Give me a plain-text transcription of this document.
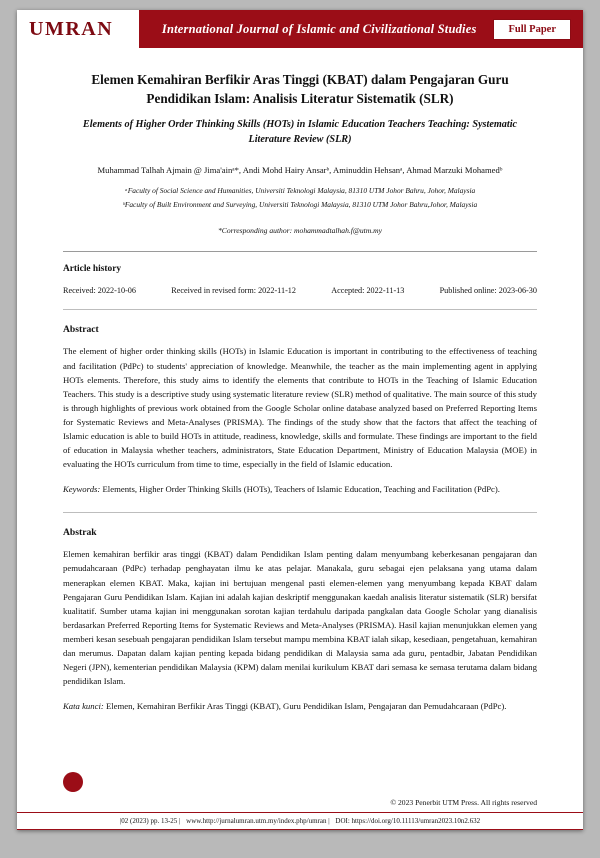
UMRAN	International Journal of Islamic and Civilizational Studies	Full Paper
Elemen Kemahiran Berfikir Aras Tinggi (KBAT) dalam Pengajaran Guru Pendidikan Islam: Analisis Literatur Sistematik (SLR)
Elements of Higher Order Thinking Skills (HOTs) in Islamic Education Teachers Teaching: Systematic Literature Review (SLR)
Muhammad Talhah Ajmain @ Jima'ainᵃ*, Andi Mohd Hairy Ansarᵇ, Aminuddin Hehsanᵃ, Ahmad Marzuki Mohamedᵇ
ᵃFaculty of Social Science and Humanities, Universiti Teknologi Malaysia, 81310 UTM Johor Bahru, Johor, Malaysia
ᵇFaculty of Built Environment and Surveying, Universiti Teknologi Malaysia, 81310 UTM Johor Bahru,Johor, Malaysia
*Corresponding author: mohammadtalhah.f@utm.my
Article history
Received: 2022-10-06	Received in revised form: 2022-11-12	Accepted: 2022-11-13	Published online: 2023-06-30
Abstract
The element of higher order thinking skills (HOTs) in Islamic Education is important in contributing to the effectiveness of teaching and facilitation (PdPc) to students' appreciation of knowledge. Meanwhile, the teacher as the main implementing agent in applying HOTs elements. Therefore, this study aims to identify the elements that contribute to HOTs in the Teaching of Islamic Education Teachers. This study is a descriptive study using systematic literature review (SLR) method of qualitative. The main source of this study is through highlights of previous work obtained from the Google Scholar online database analyzed based on Preferred Reporting Items for Systematic Reviews and Meta-Analyses (PRISMA). The findings of the study show that the factors that affect the teaching of Islamic education is able to build HOTs in attitude, readiness, knowledge, skills and formulate. These findings are important to the field of education in Malaysia whether teachers, administrators, State Education Department, Ministry of Education Malaysia (MOE) in evaluating the HOTs curriculum from time to time, especially in the field of Islamic education.
Keywords: Elements, Higher Order Thinking Skills (HOTs), Teachers of Islamic Education, Teaching and Facilitation (PdPc).
Abstrak
Elemen kemahiran berfikir aras tinggi (KBAT) dalam Pendidikan Islam penting dalam menyumbang keberkesanan pengajaran dan pemudahcaraan (PdPc) terhadap penghayatan ilmu ke atas pelajar. Manakala, guru sebagai ejen pelaksana yang utama dalam menerapkan elemen KBAT. Maka, kajian ini bertujuan mengenal pasti elemen-elemen yang menyumbang kepada KBAT dalam Pengajaran Guru Pendidikan Islam. Kajian ini adalah kajian deskriptif menggunakan kaedah analisis literatur sistematik (SLR) bersifat kualitatif. Sumber utama kajian ini menggunakan sorotan kajian terdahulu daripada pangkalan data Google Scholar yang dianalisis berdasarkan Preferred Reporting Items for Systematic Reviews and Meta-Analyses (PRISMA). Hasil kajian menunjukkan elemen yang memberi kesan sesebuah pengajaran pendidikan Islam tersebut mampu membina KBAT ialah sikap, kesediaan, pengetahuan, kemahiran dan merumus. Dapatan dalam kajian penting kepada bidang pendidikan di Malaysia sama ada guru, pentadbir, Jabatan Pendidikan Negeri (JPN), kementerian pendidikan Malaysia (KPM) dalam menilai kurikulum KBAT dari semasa ke semasa terutama dalam bidang pendidikan Islam.
Kata kunci: Elemen, Kemahiran Berfikir Aras Tinggi (KBAT), Guru Pendidikan Islam, Pengajaran dan Pemudahcaraan (PdPc).
© 2023 Penerbit UTM Press. All rights reserved
|02 (2023) pp. 13-25 | www.http://jurnalumran.utm.my/index.php/umran | DOI: https://doi.org/10.11113/umran2023.10n2.632
